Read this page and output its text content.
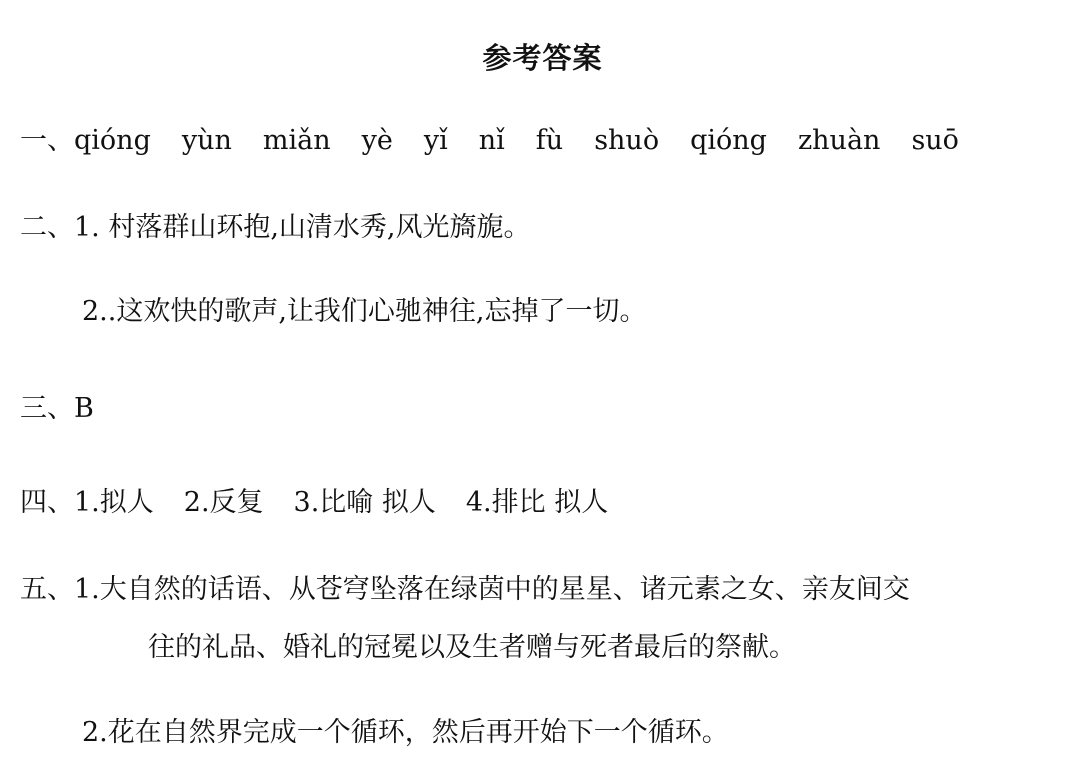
参考答案
一、qióng yùn miǎn yè yǐ nǐ fù shuò qióng zhuàn suō
二、1. 村落群山环抱,山清水秀,风光旖旎。
2..这欢快的歌声,让我们心驰神往,忘掉了一切。
三、B
四、1.拟人 2.反复 3.比喻 拟人 4.排比 拟人
五、1.大自然的话语、从苍穹坠落在绿茵中的星星、诸元素之女、亲友间交
往的礼品、婚礼的冠冕以及生者赠与死者最后的祭献。
2.花在自然界完成一个循环，然后再开始下一个循环。
